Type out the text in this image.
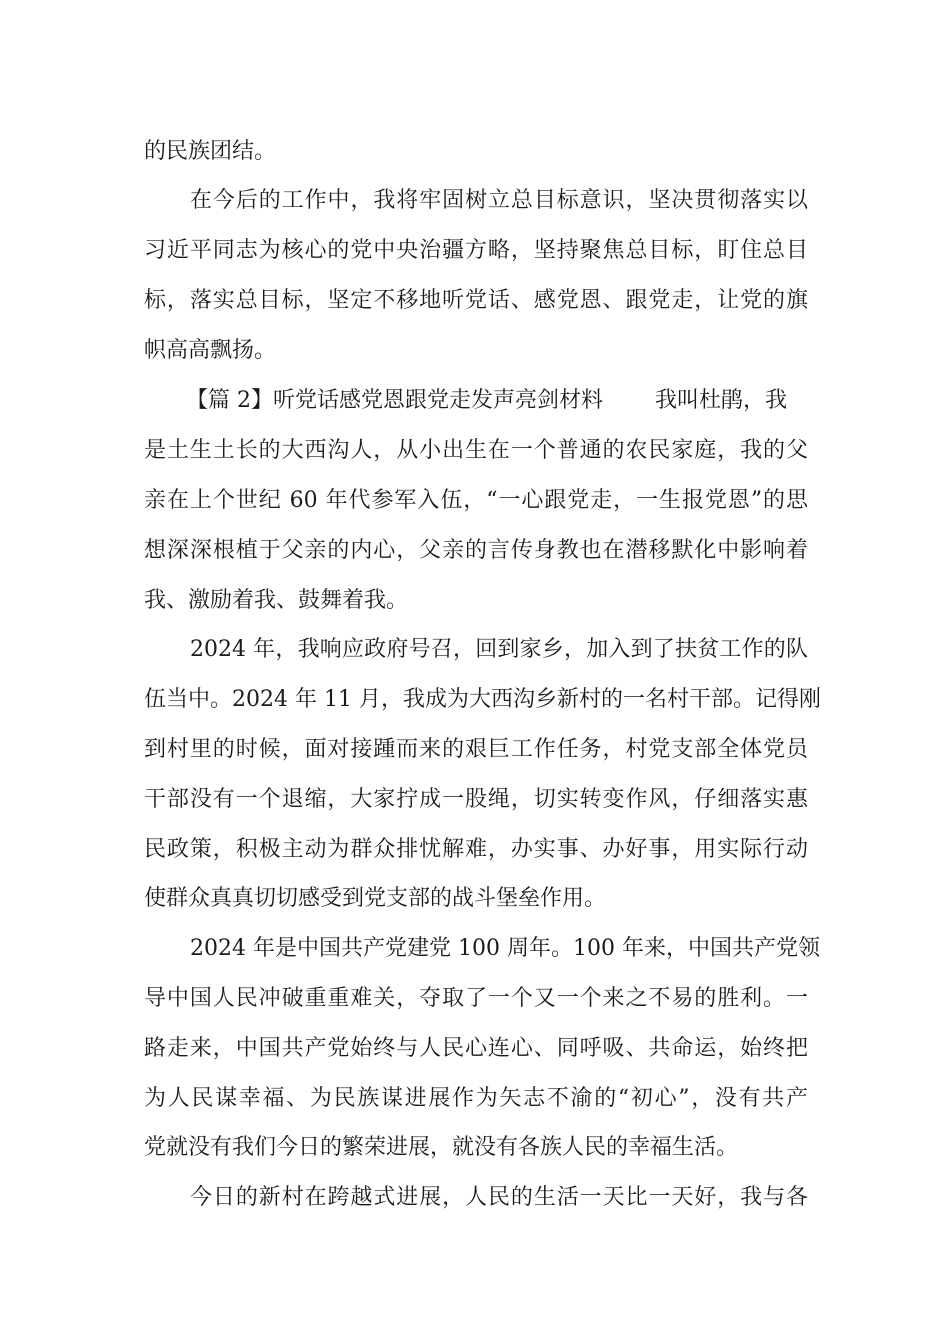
的民族团结。
在今后的工作中，我将牢固树立总目标意识，坚决贯彻落实以
习近平同志为核心的党中央治疆方略，坚持聚焦总目标，盯住总目
标，落实总目标，坚定不移地听党话、感党恩、跟党走，让党的旗
帜高高飘扬。
【篇 2】听党话感党恩跟党走发声亮剑材料 我叫杜鹃，我
是土生土长的大西沟人，从小出生在一个普通的农民家庭，我的父
亲在上个世纪 60 年代参军入伍，“一心跟党走，一生报党恩”的思
想深深根植于父亲的内心，父亲的言传身教也在潜移默化中影响着
我、激励着我、鼓舞着我。
2024 年，我响应政府号召，回到家乡，加入到了扶贫工作的队
伍当中。2024 年 11 月，我成为大西沟乡新村的一名村干部。记得刚
到村里的时候，面对接踵而来的艰巨工作任务，村党支部全体党员
干部没有一个退缩，大家拧成一股绳，切实转变作风，仔细落实惠
民政策，积极主动为群众排忧解难，办实事、办好事，用实际行动
使群众真真切切感受到党支部的战斗堡垒作用。
2024 年是中国共产党建党 100 周年。100 年来，中国共产党领
导中国人民冲破重重难关，夺取了一个又一个来之不易的胜利。一
路走来，中国共产党始终与人民心连心、同呼吸、共命运，始终把
为人民谋幸福、为民族谋进展作为矢志不渝的“初心”，没有共产
党就没有我们今日的繁荣进展，就没有各族人民的幸福生活。
今日的新村在跨越式进展，人民的生活一天比一天好，我与各
